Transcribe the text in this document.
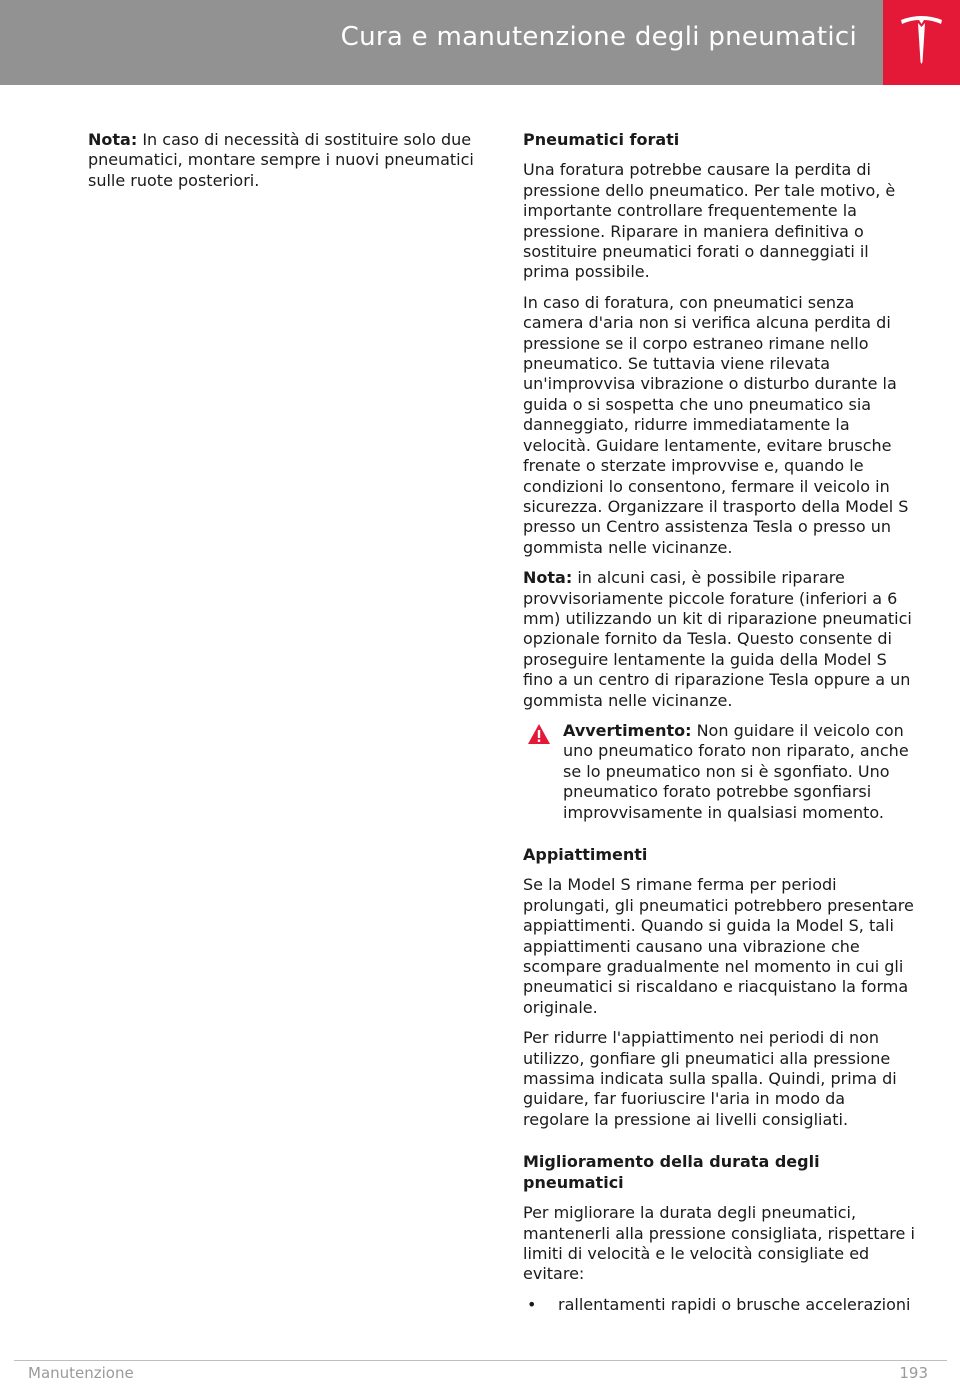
Cura e manutenzione degli pneumatici

Nota: In caso di necessità di sostituire solo due pneumatici, montare sempre i nuovi pneumatici sulle ruote posteriori.

Pneumatici forati

Una foratura potrebbe causare la perdita di pressione dello pneumatico. Per tale motivo, è importante controllare frequentemente la pressione. Riparare in maniera definitiva o sostituire pneumatici forati o danneggiati il prima possibile.

In caso di foratura, con pneumatici senza camera d'aria non si verifica alcuna perdita di pressione se il corpo estraneo rimane nello pneumatico. Se tuttavia viene rilevata un'improvvisa vibrazione o disturbo durante la guida o si sospetta che uno pneumatico sia danneggiato, ridurre immediatamente la velocità. Guidare lentamente, evitare brusche frenate o sterzate improvvise e, quando le condizioni lo consentono, fermare il veicolo in sicurezza. Organizzare il trasporto della Model S presso un Centro assistenza Tesla o presso un gommista nelle vicinanze.

Nota: in alcuni casi, è possibile riparare provvisoriamente piccole forature (inferiori a 6 mm) utilizzando un kit di riparazione pneumatici opzionale fornito da Tesla. Questo consente di proseguire lentamente la guida della Model S fino a un centro di riparazione Tesla oppure a un gommista nelle vicinanze.

Avvertimento: Non guidare il veicolo con uno pneumatico forato non riparato, anche se lo pneumatico non si è sgonfiato. Uno pneumatico forato potrebbe sgonfiarsi improvvisamente in qualsiasi momento.
Appiattimenti

Se la Model S rimane ferma per periodi prolungati, gli pneumatici potrebbero presentare appiattimenti. Quando si guida la Model S, tali appiattimenti causano una vibrazione che scompare gradualmente nel momento in cui gli pneumatici si riscaldano e riacquistano la forma originale.

Per ridurre l'appiattimento nei periodi di non utilizzo, gonfiare gli pneumatici alla pressione massima indicata sulla spalla. Quindi, prima di guidare, far fuoriuscire l'aria in modo da regolare la pressione ai livelli consigliati.

Miglioramento della durata degli pneumatici

Per migliorare la durata degli pneumatici, mantenerli alla pressione consigliata, rispettare i limiti di velocità e le velocità consigliate ed evitare:

• rallentamenti rapidi o brusche accelerazioni
Manutenzione	193
